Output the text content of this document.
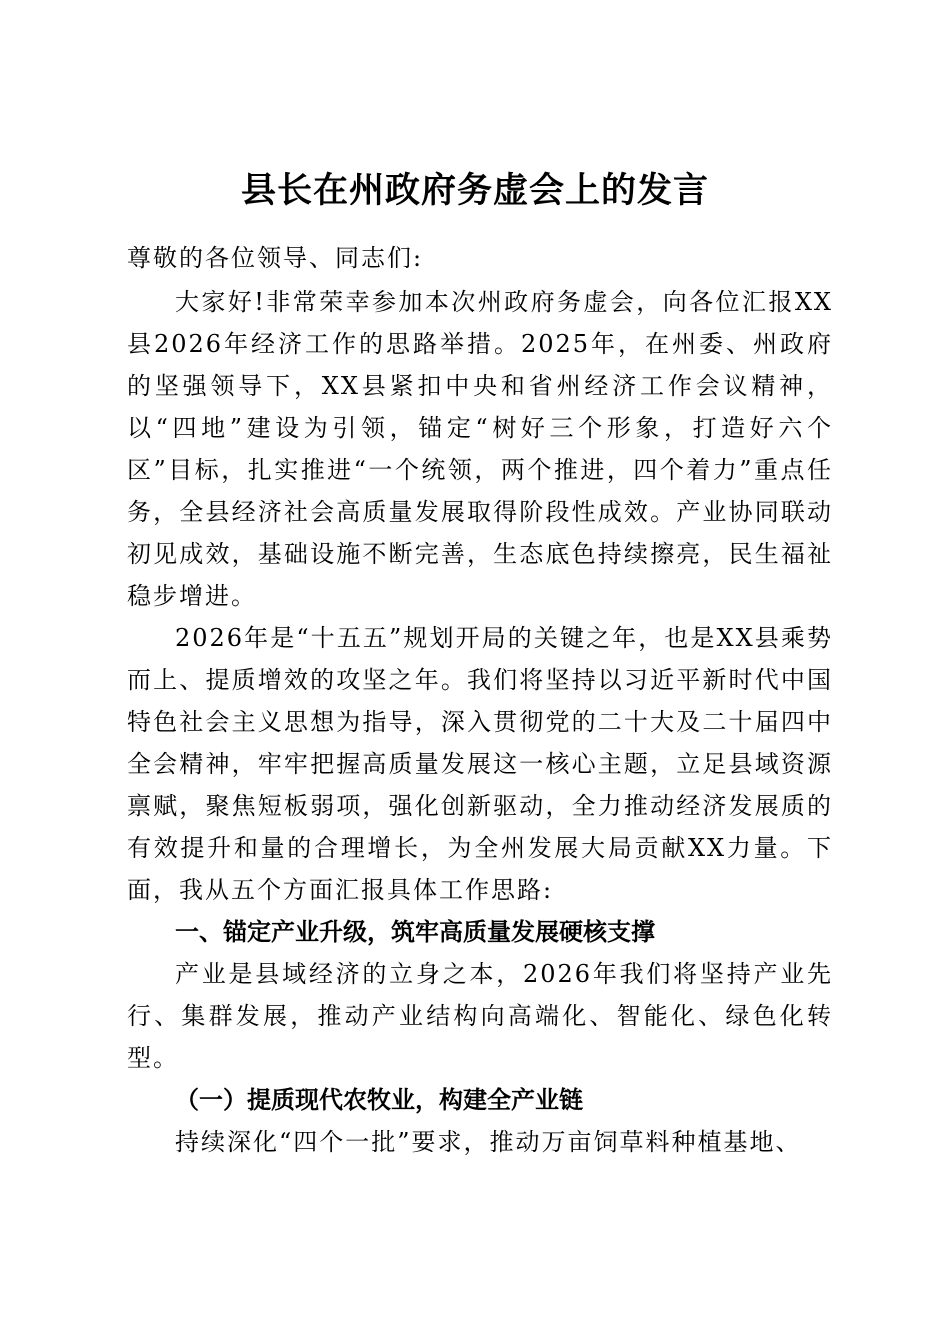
县长在州政府务虚会上的发言

尊敬的各位领导、同志们:

大家好!非常荣幸参加本次州政府务虚会，向各位汇报XX县2026年经济工作的思路举措。2025年，在州委、州政府的坚强领导下，XX县紧扣中央和省州经济工作会议精神，以“四地”建设为引领，锚定“树好三个形象，打造好六个区”目标，扎实推进“一个统领，两个推进，四个着力”重点任务，全县经济社会高质量发展取得阶段性成效。产业协同联动初见成效，基础设施不断完善，生态底色持续擦亮，民生福祉稳步增进。

2026年是“十五五”规划开局的关键之年，也是XX县乘势而上、提质增效的攻坚之年。我们将坚持以习近平新时代中国特色社会主义思想为指导，深入贯彻党的二十大及二十届四中全会精神，牢牢把握高质量发展这一核心主题，立足县域资源禀赋，聚焦短板弱项，强化创新驱动，全力推动经济发展质的有效提升和量的合理增长，为全州发展大局贡献XX力量。下面，我从五个方面汇报具体工作思路:

一、锚定产业升级，筑牢高质量发展硬核支撑

产业是县域经济的立身之本，2026年我们将坚持产业先行、集群发展，推动产业结构向高端化、智能化、绿色化转型。

（一）提质现代农牧业，构建全产业链

持续深化“四个一批”要求，推动万亩饲草料种植基地、
